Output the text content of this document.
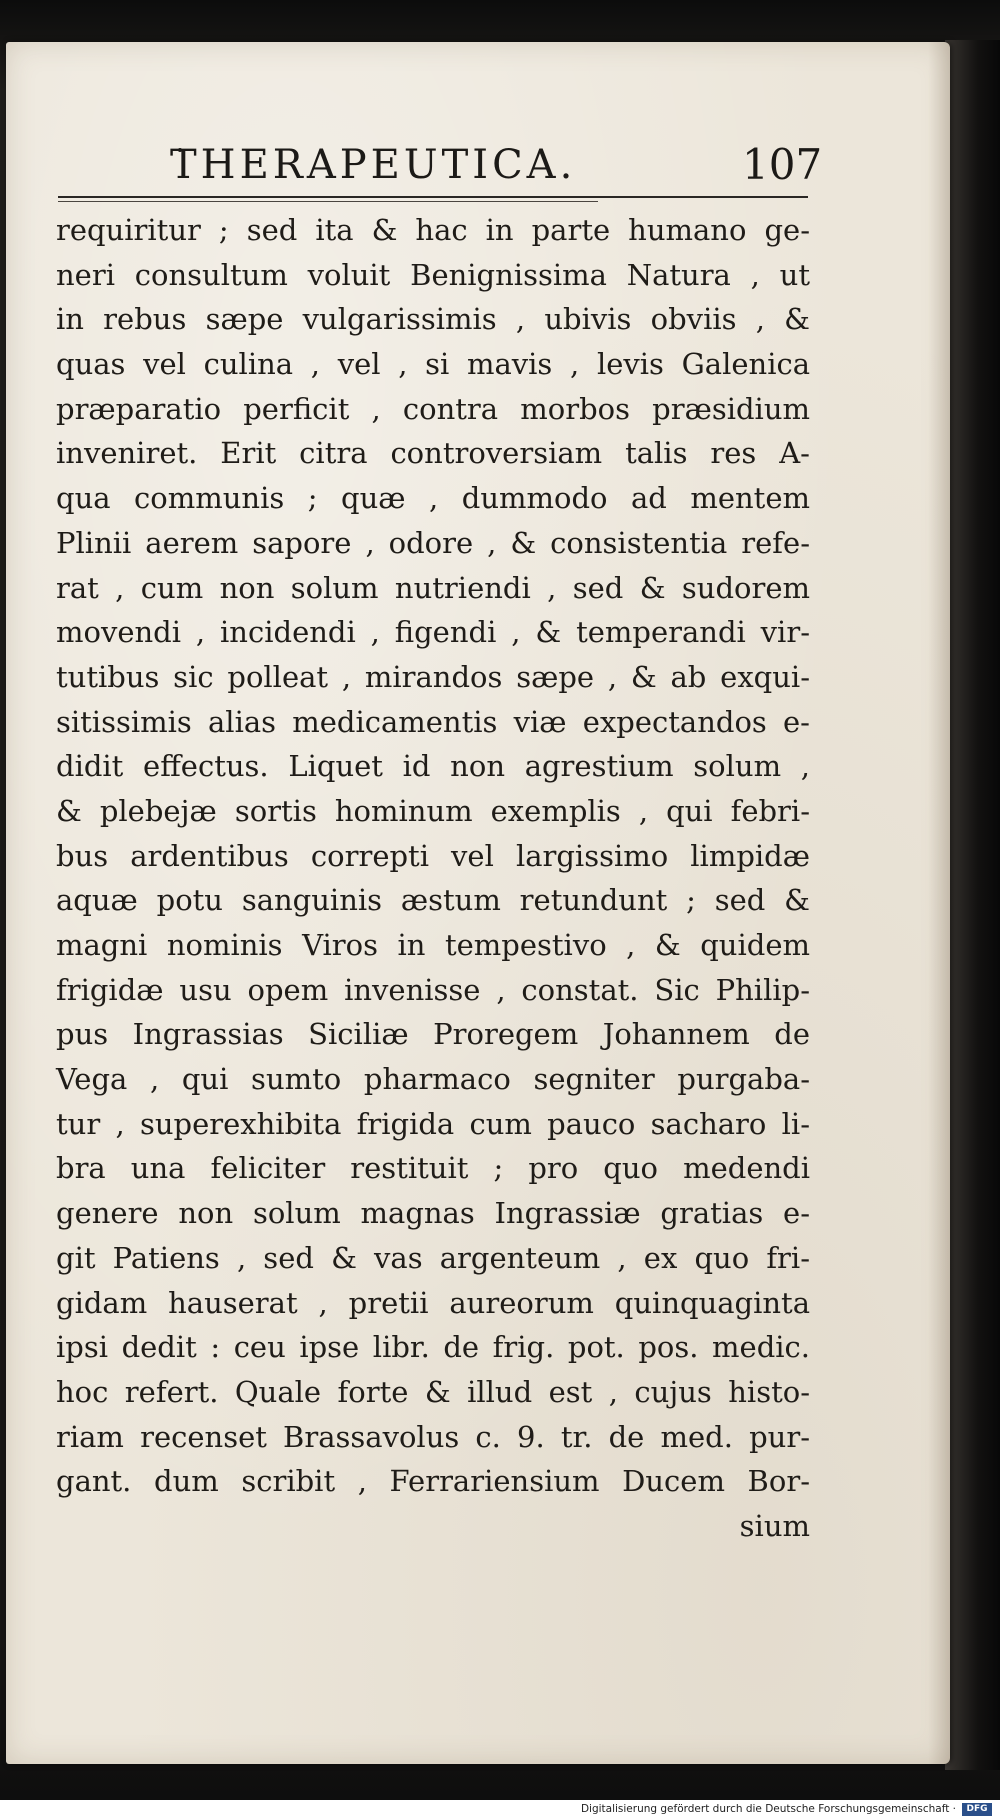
THERAPEUTICA.	107
requiritur ; sed ita & hac in parte humano ge-
neri consultum voluit Benignissima Natura , ut
in rebus sæpe vulgarissimis , ubivis obviis , &
quas vel culina , vel , si mavis , levis Galenica
præparatio perficit , contra morbos præsidium
inveniret. Erit citra controversiam talis res A-
qua communis ; quæ , dummodo ad mentem
Plinii aerem sapore , odore , & consistentia refe-
rat , cum non solum nutriendi , sed & sudorem
movendi , incidendi , figendi , & temperandi vir-
tutibus sic polleat , mirandos sæpe , & ab exqui-
sitissimis alias medicamentis viæ expectandos e-
didit effectus. Liquet id non agrestium solum ,
& plebejæ sortis hominum exemplis , qui febri-
bus ardentibus correpti vel largissimo limpidæ
aquæ potu sanguinis æstum retundunt ; sed &
magni nominis Viros in tempestivo , & quidem
frigidæ usu opem invenisse , constat. Sic Philip-
pus Ingrassias Siciliæ Proregem Johannem de
Vega , qui sumto pharmaco segniter purgaba-
tur , superexhibita frigida cum pauco sacharo li-
bra una feliciter restituit ; pro quo medendi
genere non solum magnas Ingrassiæ gratias e-
git Patiens , sed & vas argenteum , ex quo fri-
gidam hauserat , pretii aureorum quinquaginta
ipsi dedit : ceu ipse libr. de frig. pot. pos. medic.
hoc refert. Quale forte & illud est , cujus histo-
riam recenset Brassavolus c. 9. tr. de med. pur-
gant. dum scribit , Ferrariensium Ducem Bor-
sium
Digitalisierung gefördert durch die Deutsche Forschungsgemeinschaft ·	DFG
